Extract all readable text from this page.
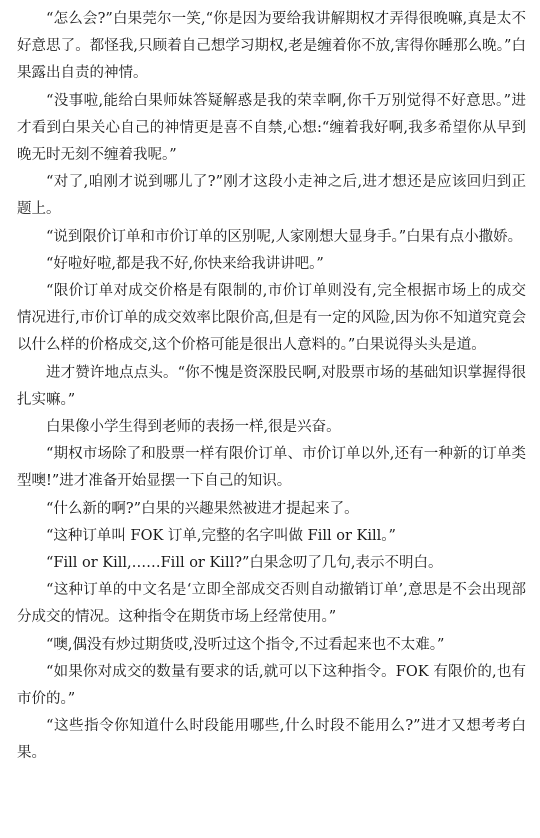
“怎么会?”白果莞尔一笑,“你是因为要给我讲解期权才弄得很晚嘛,真是太不好意思了。都怪我,只顾着自己想学习期权,老是缠着你不放,害得你睡那么晚。”白果露出自责的神情。

“没事啦,能给白果师妹答疑解惑是我的荣幸啊,你千万别觉得不好意思。”进才看到白果关心自己的神情更是喜不自禁,心想:“缠着我好啊,我多希望你从早到晚无时无刻不缠着我呢。”

“对了,咱刚才说到哪儿了?”刚才这段小走神之后,进才想还是应该回归到正题上。

“说到限价订单和市价订单的区别呢,人家刚想大显身手。”白果有点小撒娇。

“好啦好啦,都是我不好,你快来给我讲讲吧。”

“限价订单对成交价格是有限制的,市价订单则没有,完全根据市场上的成交情况进行,市价订单的成交效率比限价高,但是有一定的风险,因为你不知道究竟会以什么样的价格成交,这个价格可能是很出人意料的。”白果说得头头是道。

进才赞许地点点头。“你不愧是资深股民啊,对股票市场的基础知识掌握得很扎实嘛。”

白果像小学生得到老师的表扬一样,很是兴奋。

“期权市场除了和股票一样有限价订单、市价订单以外,还有一种新的订单类型噢!”进才准备开始显摆一下自己的知识。

“什么新的啊?”白果的兴趣果然被进才提起来了。

“这种订单叫 FOK 订单,完整的名字叫做 Fill or Kill。”

“Fill or Kill,……Fill or Kill?”白果念叨了几句,表示不明白。

“这种订单的中文名是‘立即全部成交否则自动撤销订单’,意思是不会出现部分成交的情况。这种指令在期货市场上经常使用。”

“噢,偶没有炒过期货哎,没听过这个指令,不过看起来也不太难。”

“如果你对成交的数量有要求的话,就可以下这种指令。FOK 有限价的,也有市价的。”

“这些指令你知道什么时段能用哪些,什么时段不能用么?”进才又想考考白果。
